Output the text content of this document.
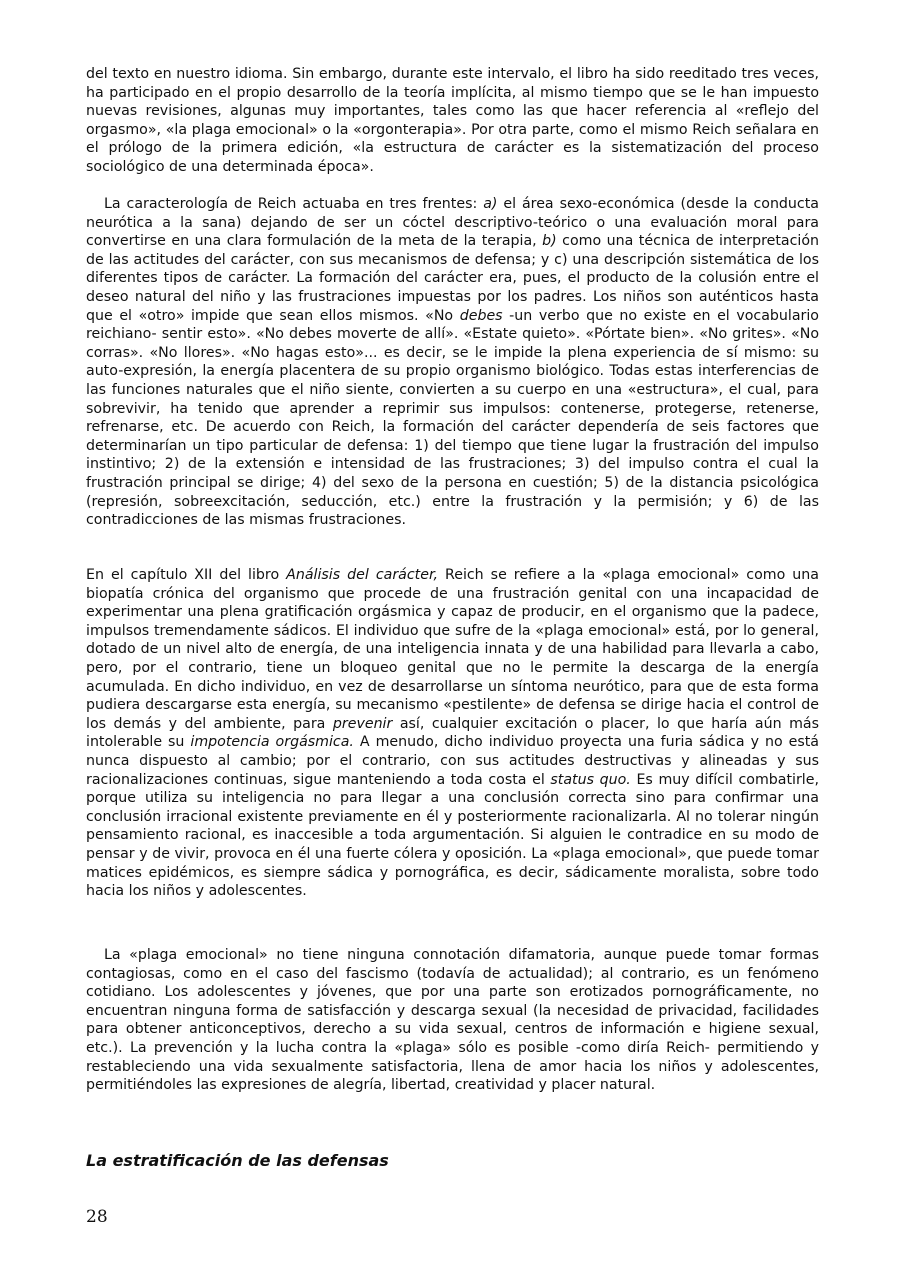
del texto en nuestro idioma. Sin embargo, durante este intervalo, el libro ha sido reeditado tres veces, ha participado en el propio desarrollo de la teoría implícita, al mismo tiempo que se le han impuesto nuevas revisiones, algunas muy importantes, tales como las que hacer referencia al «reflejo del orgasmo», «la plaga emocional» o la «orgonterapia». Por otra parte, como el mismo Reich señalara en el prólogo de la primera edición, «la estructura de carácter es la sistematización del proceso sociológico de una determinada época».

La caracterología de Reich actuaba en tres frentes: a) el área sexo-económica (desde la conducta neurótica a la sana) dejando de ser un cóctel descriptivo-teórico o una evaluación moral para convertirse en una clara formulación de la meta de la terapia, b) como una técnica de interpretación de las actitudes del carácter, con sus mecanismos de defensa; y c) una descripción sistemática de los diferentes tipos de carácter. La formación del carácter era, pues, el producto de la colusión entre el deseo natural del niño y las frustraciones impuestas por los padres. Los niños son auténticos hasta que el «otro» impide que sean ellos mismos. «No debes -un verbo que no existe en el vocabulario reichiano- sentir esto». «No debes moverte de allí». «Estate quieto». «Pórtate bien». «No grites». «No corras». «No llores». «No hagas esto»... es decir, se le impide la plena experiencia de sí mismo: su auto-expresión, la energía placentera de su propio organismo biológico. Todas estas interferencias de las funciones naturales que el niño siente, convierten a su cuerpo en una «estructura», el cual, para sobrevivir, ha tenido que aprender a reprimir sus impulsos: contenerse, protegerse, retenerse, refrenarse, etc. De acuerdo con Reich, la formación del carácter dependería de seis factores que determinarían un tipo particular de defensa: 1) del tiempo que tiene lugar la frustración del impulso instintivo; 2) de la extensión e intensidad de las frustraciones; 3) del impulso contra el cual la frustración principal se dirige; 4) del sexo de la persona en cuestión; 5) de la distancia psicológica (represión, sobreexcitación, seducción, etc.) entre la frustración y la permisión; y 6) de las contradicciones de las mismas frustraciones.

En el capítulo XII del libro Análisis del carácter, Reich se refiere a la «plaga emocional» como una biopatía crónica del organismo que procede de una frustración genital con una incapacidad de experimentar una plena gratificación orgásmica y capaz de producir, en el organismo que la padece, impulsos tremendamente sádicos. El individuo que sufre de la «plaga emocional» está, por lo general, dotado de un nivel alto de energía, de una inteligencia innata y de una habilidad para llevarla a cabo, pero, por el contrario, tiene un bloqueo genital que no le permite la descarga de la energía acumulada. En dicho individuo, en vez de desarrollarse un síntoma neurótico, para que de esta forma pudiera descargarse esta energía, su mecanismo «pestilente» de defensa se dirige hacia el control de los demás y del ambiente, para prevenir así, cualquier excitación o placer, lo que haría aún más intolerable su impotencia orgásmica. A menudo, dicho individuo proyecta una furia sádica y no está nunca dispuesto al cambio; por el contrario, con sus actitudes destructivas y alineadas y sus racionalizaciones continuas, sigue manteniendo a toda costa el status quo. Es muy difícil combatirle, porque utiliza su inteligencia no para llegar a una conclusión correcta sino para confirmar una conclusión irracional existente previamente en él y posteriormente racionalizarla. Al no tolerar ningún pensamiento racional, es inaccesible a toda argumentación. Si alguien le contradice en su modo de pensar y de vivir, provoca en él una fuerte cólera y oposición. La «plaga emocional», que puede tomar matices epidémicos, es siempre sádica y pornográfica, es decir, sádicamente moralista, sobre todo hacia los niños y adolescentes.

La «plaga emocional» no tiene ninguna connotación difamatoria, aunque puede tomar formas contagiosas, como en el caso del fascismo (todavía de actualidad); al contrario, es un fenómeno cotidiano. Los adolescentes y jóvenes, que por una parte son erotizados pornográficamente, no encuentran ninguna forma de satisfacción y descarga sexual (la necesidad de privacidad, facilidades para obtener anticonceptivos, derecho a su vida sexual, centros de información e higiene sexual, etc.). La prevención y la lucha contra la «plaga» sólo es posible -como diría Reich- permitiendo y restableciendo una vida sexualmente satisfactoria, llena de amor hacia los niños y adolescentes, permitiéndoles las expresiones de alegría, libertad, creatividad y placer natural.

La estratificación de las defensas
28
